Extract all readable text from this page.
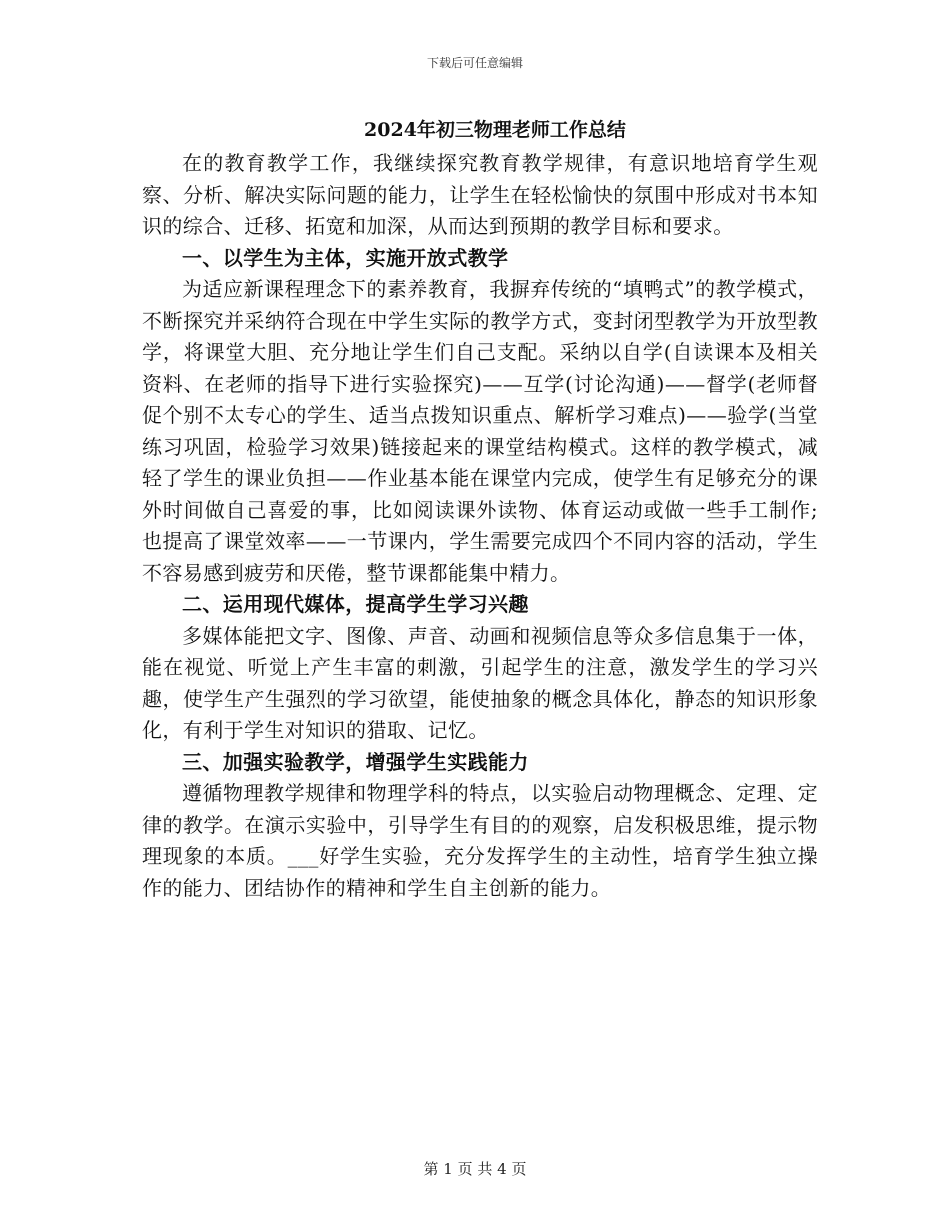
下载后可任意编辑
2024年初三物理老师工作总结

在的教育教学工作，我继续探究教育教学规律，有意识地培育学生观察、分析、解决实际问题的能力，让学生在轻松愉快的氛围中形成对书本知识的综合、迁移、拓宽和加深，从而达到预期的教学目标和要求。

一、以学生为主体，实施开放式教学

为适应新课程理念下的素养教育，我摒弃传统的“填鸭式”的教学模式，不断探究并采纳符合现在中学生实际的教学方式，变封闭型教学为开放型教学，将课堂大胆、充分地让学生们自己支配。采纳以自学(自读课本及相关资料、在老师的指导下进行实验探究)——互学(讨论沟通)——督学(老师督促个别不太专心的学生、适当点拨知识重点、解析学习难点)——验学(当堂练习巩固，检验学习效果)链接起来的课堂结构模式。这样的教学模式，减轻了学生的课业负担——作业基本能在课堂内完成，使学生有足够充分的课外时间做自己喜爱的事，比如阅读课外读物、体育运动或做一些手工制作;也提高了课堂效率——一节课内，学生需要完成四个不同内容的活动，学生不容易感到疲劳和厌倦，整节课都能集中精力。

二、运用现代媒体，提高学生学习兴趣

多媒体能把文字、图像、声音、动画和视频信息等众多信息集于一体，能在视觉、听觉上产生丰富的刺激，引起学生的注意，激发学生的学习兴趣，使学生产生强烈的学习欲望，能使抽象的概念具体化，静态的知识形象化，有利于学生对知识的猎取、记忆。

三、加强实验教学，增强学生实践能力

遵循物理教学规律和物理学科的特点，以实验启动物理概念、定理、定律的教学。在演示实验中，引导学生有目的的观察，启发积极思维，提示物理现象的本质。___好学生实验，充分发挥学生的主动性，培育学生独立操作的能力、团结协作的精神和学生自主创新的能力。

第 1 页 共 4 页
